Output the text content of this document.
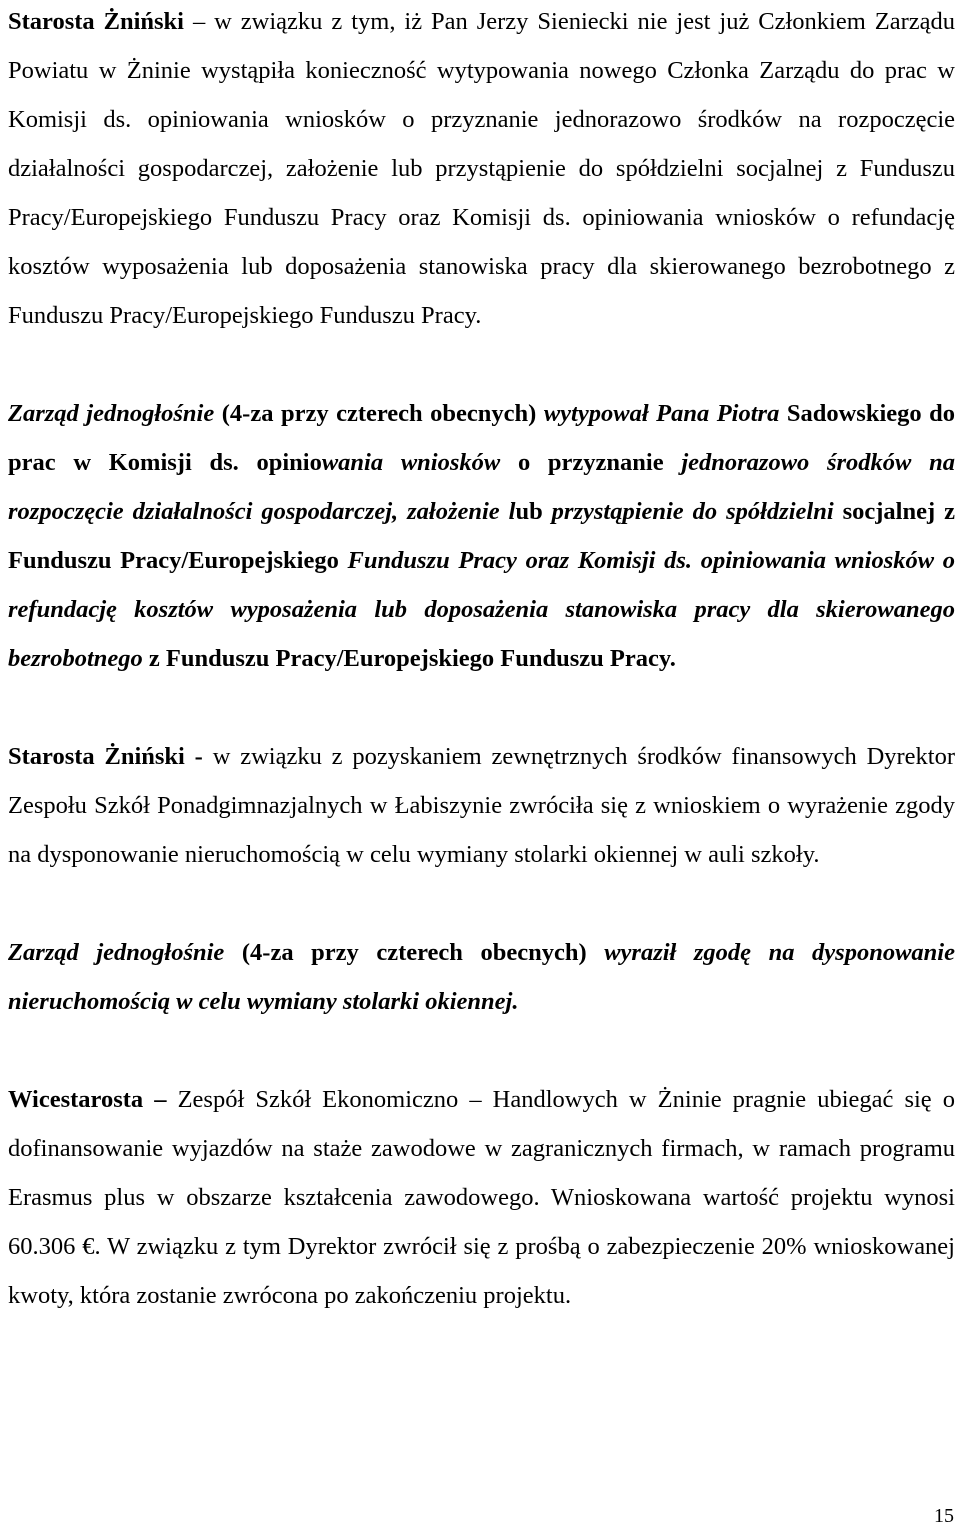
Starosta Żniński – w związku z tym, iż Pan Jerzy Sieniecki nie jest już Członkiem Zarządu Powiatu w Żninie wystąpiła konieczność wytypowania nowego Członka Zarządu do prac w Komisji ds. opiniowania wniosków o przyznanie jednorazowo środków na rozpoczęcie działalności gospodarczej, założenie lub przystąpienie do spółdzielni socjalnej z Funduszu Pracy/Europejskiego Funduszu Pracy oraz Komisji ds. opiniowania wniosków o refundację kosztów wyposażenia lub doposażenia stanowiska pracy dla skierowanego bezrobotnego z Funduszu Pracy/Europejskiego Funduszu Pracy.

Zarząd jednogłośnie (4-za przy czterech obecnych) wytypował Pana Piotra Sadowskiego do prac w Komisji ds. opiniowania wniosków o przyznanie jednorazowo środków na rozpoczęcie działalności gospodarczej, założenie lub przystąpienie do spółdzielni socjalnej z Funduszu Pracy/Europejskiego Funduszu Pracy oraz Komisji ds. opiniowania wniosków o refundację kosztów wyposażenia lub doposażenia stanowiska pracy dla skierowanego bezrobotnego z Funduszu Pracy/Europejskiego Funduszu Pracy.

Starosta Żniński - w związku z pozyskaniem zewnętrznych środków finansowych Dyrektor Zespołu Szkół Ponadgimnazjalnych w Łabiszynie zwróciła się z wnioskiem o wyrażenie zgody na dysponowanie nieruchomością w celu wymiany stolarki okiennej w auli szkoły.

Zarząd jednogłośnie (4-za przy czterech obecnych) wyraził zgodę na dysponowanie nieruchomością w celu wymiany stolarki okiennej.

Wicestarosta – Zespół Szkół Ekonomiczno – Handlowych w Żninie pragnie ubiegać się o dofinansowanie wyjazdów na staże zawodowe w zagranicznych firmach, w ramach programu Erasmus plus w obszarze kształcenia zawodowego. Wnioskowana wartość projektu wynosi 60.306 €. W związku z tym Dyrektor zwrócił się z prośbą o zabezpieczenie 20% wnioskowanej kwoty, która zostanie zwrócona po zakończeniu projektu.

15
